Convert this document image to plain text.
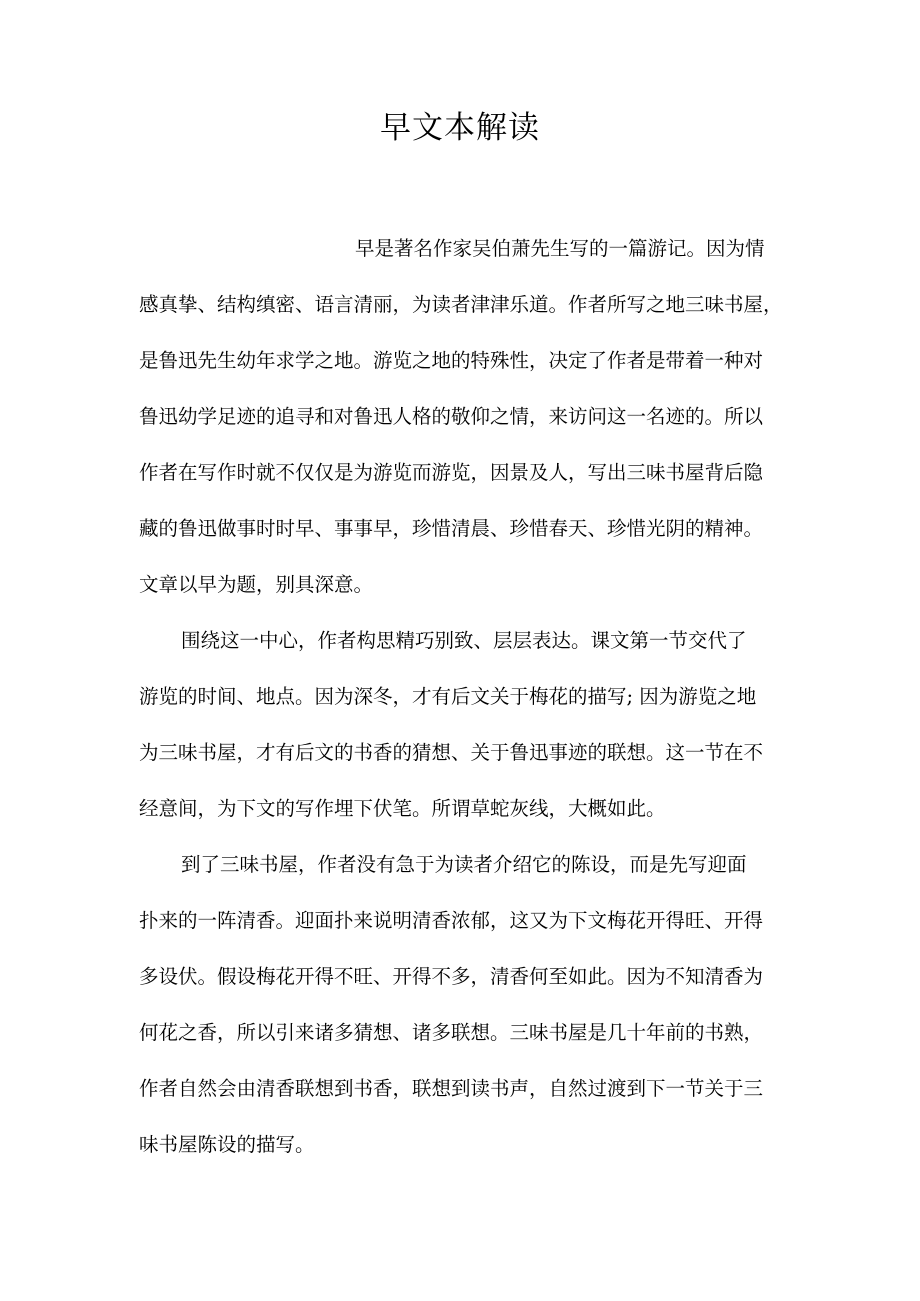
早文本解读

早是著名作家吴伯萧先生写的一篇游记。因为情

感真挚、结构缜密、语言清丽，为读者津津乐道。作者所写之地三味书屋，

是鲁迅先生幼年求学之地。游览之地的特殊性，决定了作者是带着一种对

鲁迅幼学足迹的追寻和对鲁迅人格的敬仰之情，来访问这一名迹的。所以

作者在写作时就不仅仅是为游览而游览，因景及人，写出三味书屋背后隐

藏的鲁迅做事时时早、事事早，珍惜清晨、珍惜春天、珍惜光阴的精神。

文章以早为题，别具深意。

围绕这一中心，作者构思精巧别致、层层表达。课文第一节交代了

游览的时间、地点。因为深冬，才有后文关于梅花的描写; 因为游览之地

为三味书屋，才有后文的书香的猜想、关于鲁迅事迹的联想。这一节在不

经意间，为下文的写作埋下伏笔。所谓草蛇灰线，大概如此。

到了三味书屋，作者没有急于为读者介绍它的陈设，而是先写迎面

扑来的一阵清香。迎面扑来说明清香浓郁，这又为下文梅花开得旺、开得

多设伏。假设梅花开得不旺、开得不多，清香何至如此。因为不知清香为

何花之香，所以引来诸多猜想、诸多联想。三味书屋是几十年前的书熟，

作者自然会由清香联想到书香，联想到读书声，自然过渡到下一节关于三

味书屋陈设的描写。
